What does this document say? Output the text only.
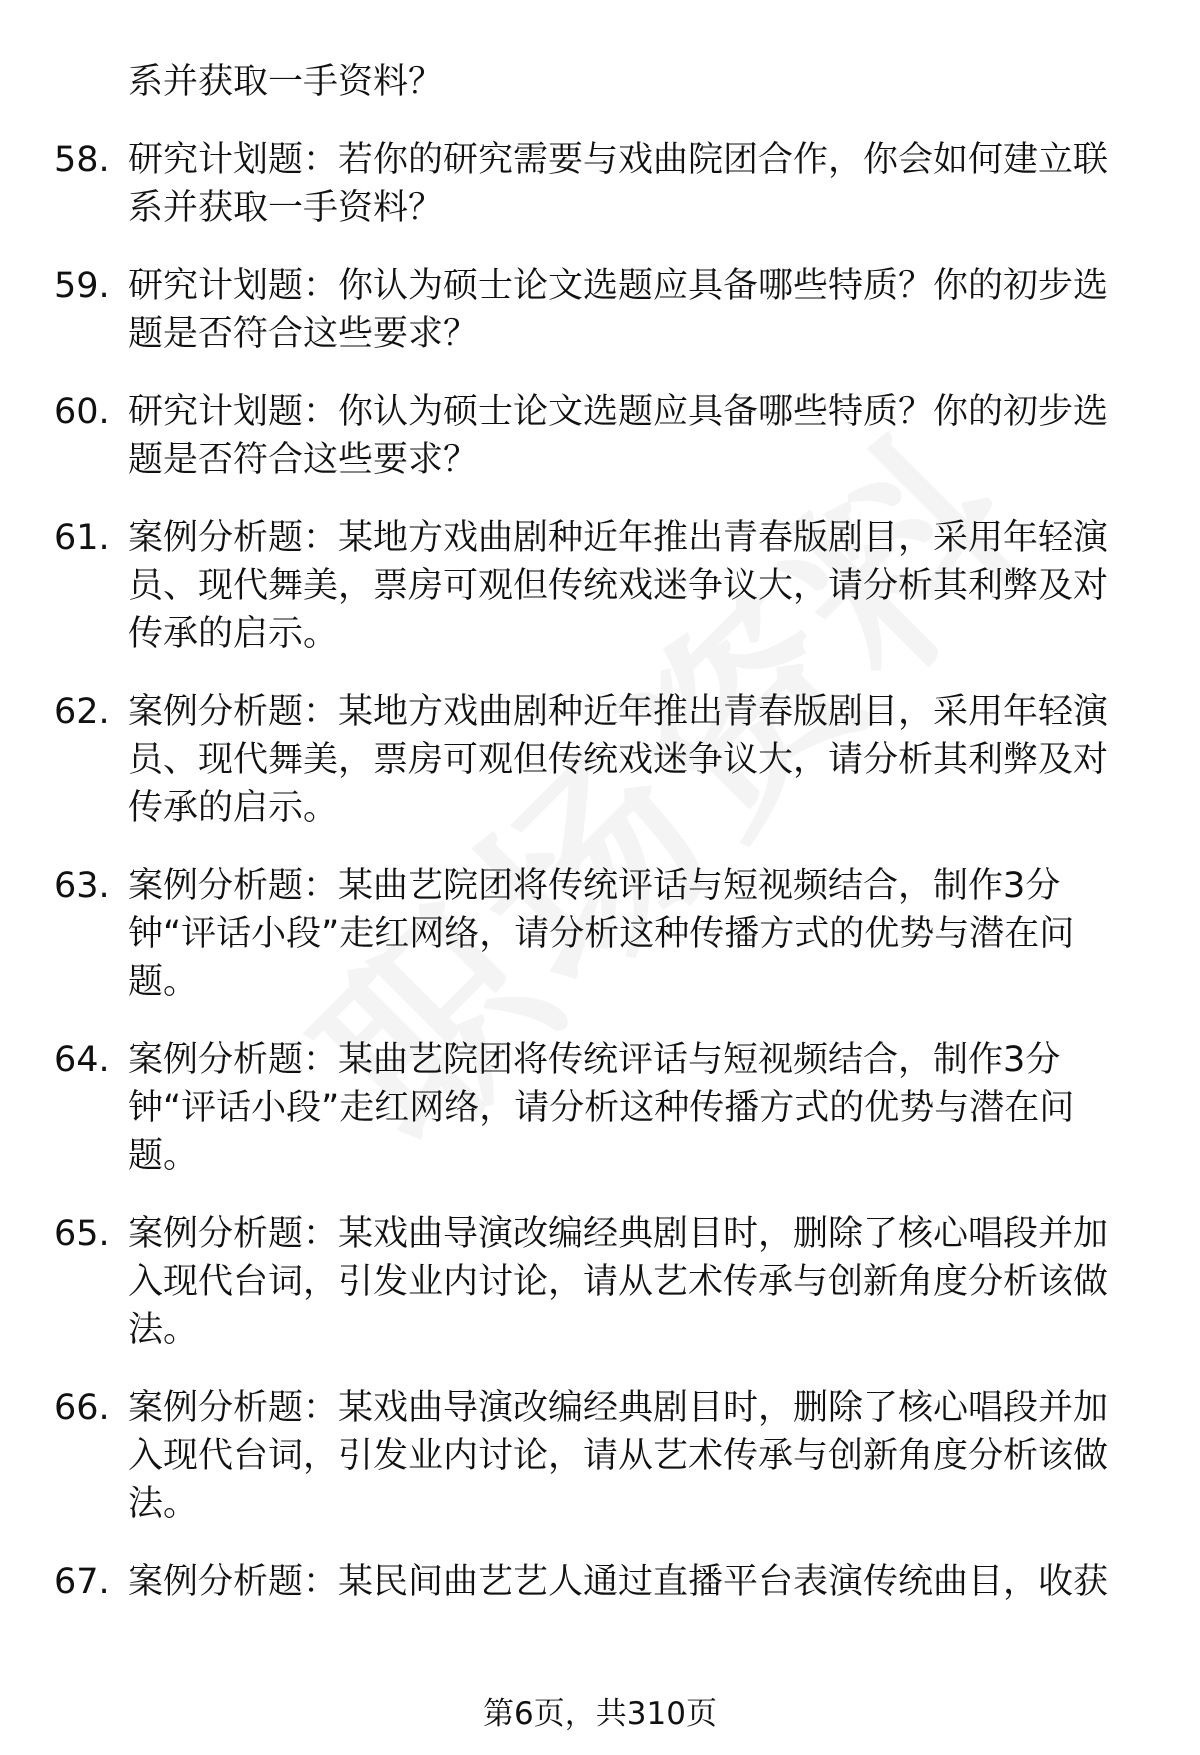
系并获取一手资料？
58. 研究计划题：若你的研究需要与戏曲院团合作，你会如何建立联
系并获取一手资料？
59. 研究计划题：你认为硕士论文选题应具备哪些特质？你的初步选
题是否符合这些要求？
60. 研究计划题：你认为硕士论文选题应具备哪些特质？你的初步选
题是否符合这些要求？
61. 案例分析题：某地方戏曲剧种近年推出青春版剧目，采用年轻演
员、现代舞美，票房可观但传统戏迷争议大，请分析其利弊及对
传承的启示。
62. 案例分析题：某地方戏曲剧种近年推出青春版剧目，采用年轻演
员、现代舞美，票房可观但传统戏迷争议大，请分析其利弊及对
传承的启示。
63. 案例分析题：某曲艺院团将传统评话与短视频结合，制作3分
钟“评话小段”走红网络，请分析这种传播方式的优势与潜在问
题。
64. 案例分析题：某曲艺院团将传统评话与短视频结合，制作3分
钟“评话小段”走红网络，请分析这种传播方式的优势与潜在问
题。
65. 案例分析题：某戏曲导演改编经典剧目时，删除了核心唱段并加
入现代台词，引发业内讨论，请从艺术传承与创新角度分析该做
法。
66. 案例分析题：某戏曲导演改编经典剧目时，删除了核心唱段并加
入现代台词，引发业内讨论，请从艺术传承与创新角度分析该做
法。
67. 案例分析题：某民间曲艺艺人通过直播平台表演传统曲目，收获
第6页，共310页
